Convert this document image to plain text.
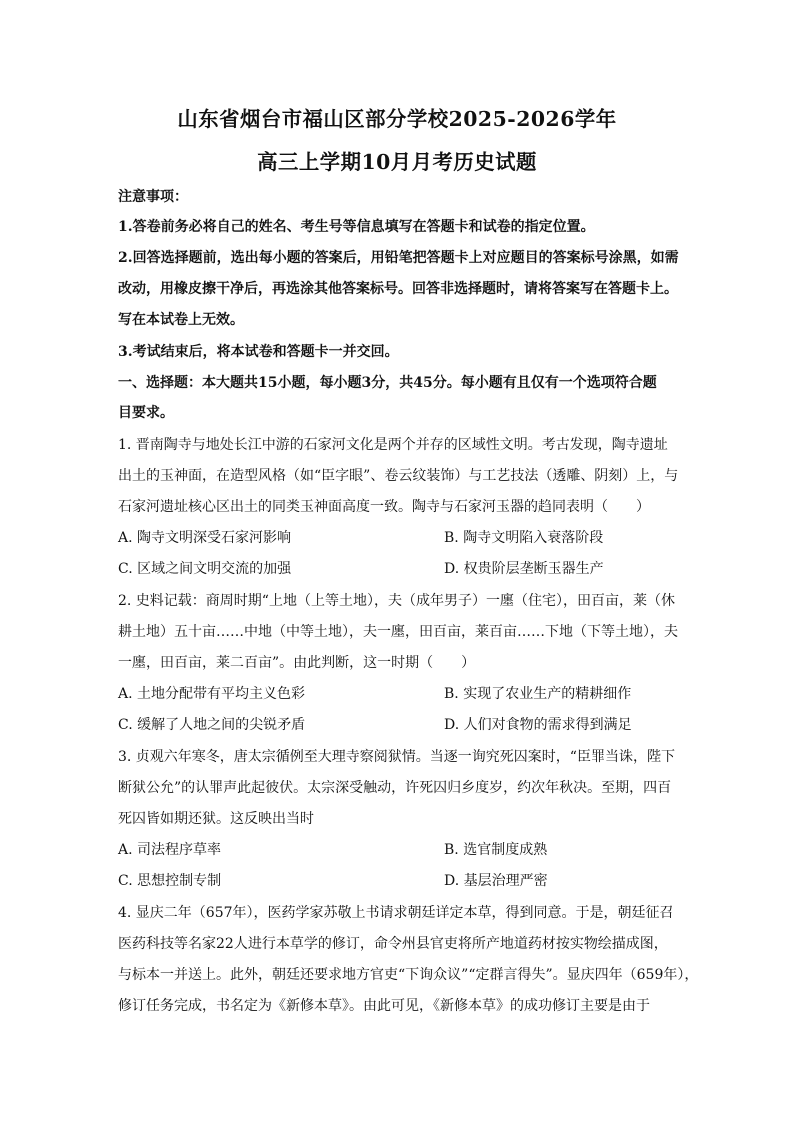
山东省烟台市福山区部分学校2025-2026学年
高三上学期10月月考历史试题
注意事项：
1.答卷前务必将自己的姓名、考生号等信息填写在答题卡和试卷的指定位置。
2.回答选择题前，选出每小题的答案后，用铅笔把答题卡上对应题目的答案标号涂黑，如需
改动，用橡皮擦干净后，再选涂其他答案标号。回答非选择题时，请将答案写在答题卡上。
写在本试卷上无效。
3.考试结束后，将本试卷和答题卡一并交回。
一、选择题：本大题共15小题，每小题3分，共45分。每小题有且仅有一个选项符合题
目要求。
1. 晋南陶寺与地处长江中游的石家河文化是两个并存的区域性文明。考古发现，陶寺遗址
出土的玉神面，在造型风格（如“臣字眼”、卷云纹装饰）与工艺技法（透雕、阴刻）上，与
石家河遗址核心区出土的同类玉神面高度一致。陶寺与石家河玉器的趋同表明（　　）
A. 陶寺文明深受石家河影响	B. 陶寺文明陷入衰落阶段
C. 区域之间文明交流的加强	D. 权贵阶层垄断玉器生产
2. 史料记载：商周时期“上地（上等土地），夫（成年男子）一廛（住宅），田百亩，莱（休
耕土地）五十亩……中地（中等土地），夫一廛，田百亩，莱百亩……下地（下等土地），夫
一廛，田百亩，莱二百亩”。由此判断，这一时期（　　）
A. 土地分配带有平均主义色彩	B. 实现了农业生产的精耕细作
C. 缓解了人地之间的尖锐矛盾	D. 人们对食物的需求得到满足
3. 贞观六年寒冬，唐太宗循例至大理寺察阅狱情。当逐一询究死囚案时，“臣罪当诛，陛下
断狱公允”的认罪声此起彼伏。太宗深受触动，许死囚归乡度岁，约次年秋决。至期，四百
死囚皆如期还狱。这反映出当时
A. 司法程序草率	B. 选官制度成熟
C. 思想控制专制	D. 基层治理严密
4. 显庆二年（657年），医药学家苏敬上书请求朝廷详定本草，得到同意。于是，朝廷征召
医药科技等名家22人进行本草学的修订，命令州县官吏将所产地道药材按实物绘描成图，
与标本一并送上。此外，朝廷还要求地方官吏“下询众议”“定群言得失”。显庆四年（659年），
修订任务完成，书名定为《新修本草》。由此可见，《新修本草》的成功修订主要是由于
